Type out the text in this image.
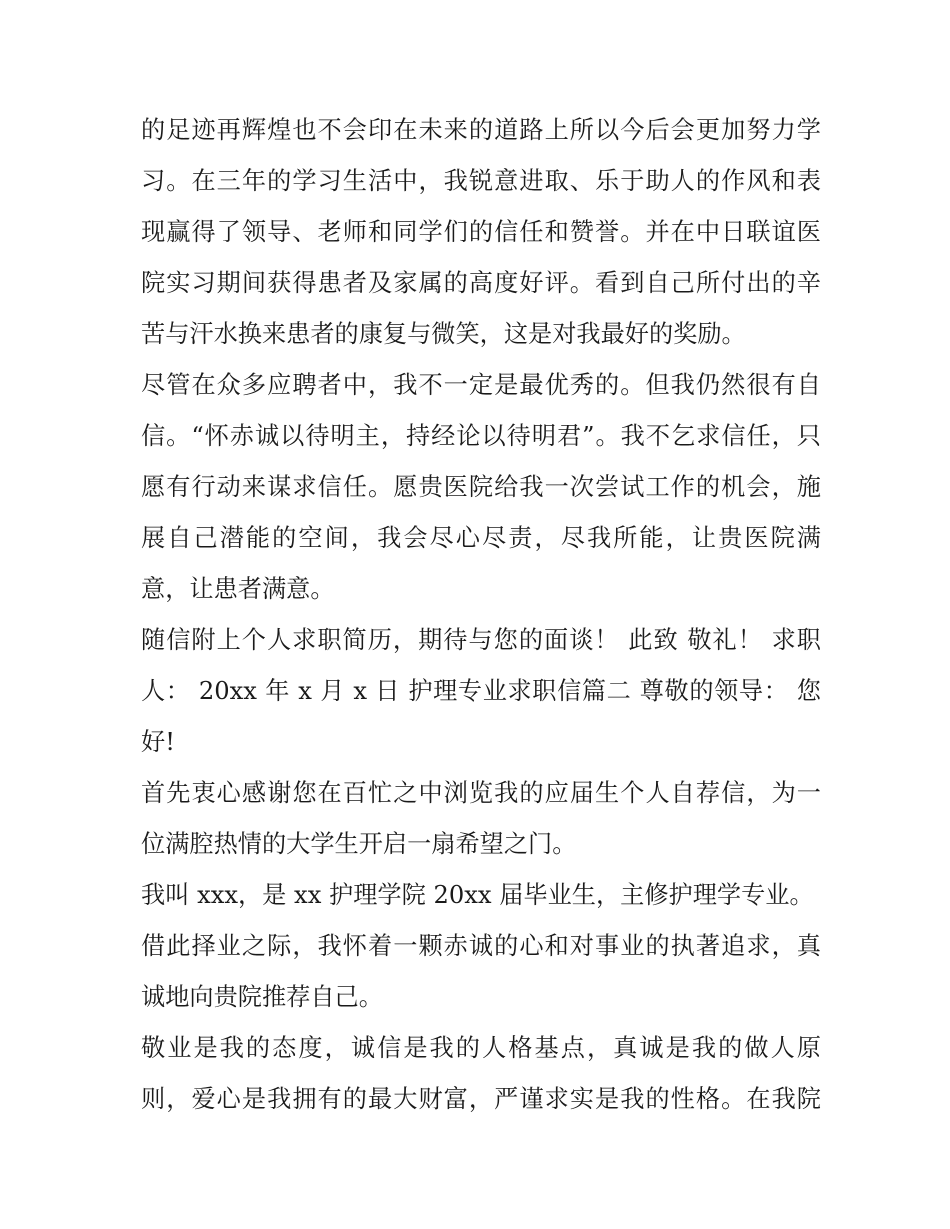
的足迹再辉煌也不会印在未来的道路上所以今后会更加努力学
习。在三年的学习生活中，我锐意进取、乐于助人的作风和表
现赢得了领导、老师和同学们的信任和赞誉。并在中日联谊医
院实习期间获得患者及家属的高度好评。看到自己所付出的辛
苦与汗水换来患者的康复与微笑，这是对我最好的奖励。
尽管在众多应聘者中，我不一定是最优秀的。但我仍然很有自
信。“怀赤诚以待明主，持经论以待明君”。我不乞求信任，只
愿有行动来谋求信任。愿贵医院给我一次尝试工作的机会，施
展自己潜能的空间，我会尽心尽责，尽我所能，让贵医院满
意，让患者满意。
随信附上个人求职简历，期待与您的面谈！ 此致 敬礼！ 求职
人： 20xx 年 x 月 x 日 护理专业求职信篇二 尊敬的领导： 您
好!
首先衷心感谢您在百忙之中浏览我的应届生个人自荐信，为一
位满腔热情的大学生开启一扇希望之门。
我叫 xxx，是 xx 护理学院 20xx 届毕业生，主修护理学专业。
借此择业之际，我怀着一颗赤诚的心和对事业的执著追求，真
诚地向贵院推荐自己。
敬业是我的态度，诚信是我的人格基点，真诚是我的做人原
则，爱心是我拥有的最大财富，严谨求实是我的性格。在我院
